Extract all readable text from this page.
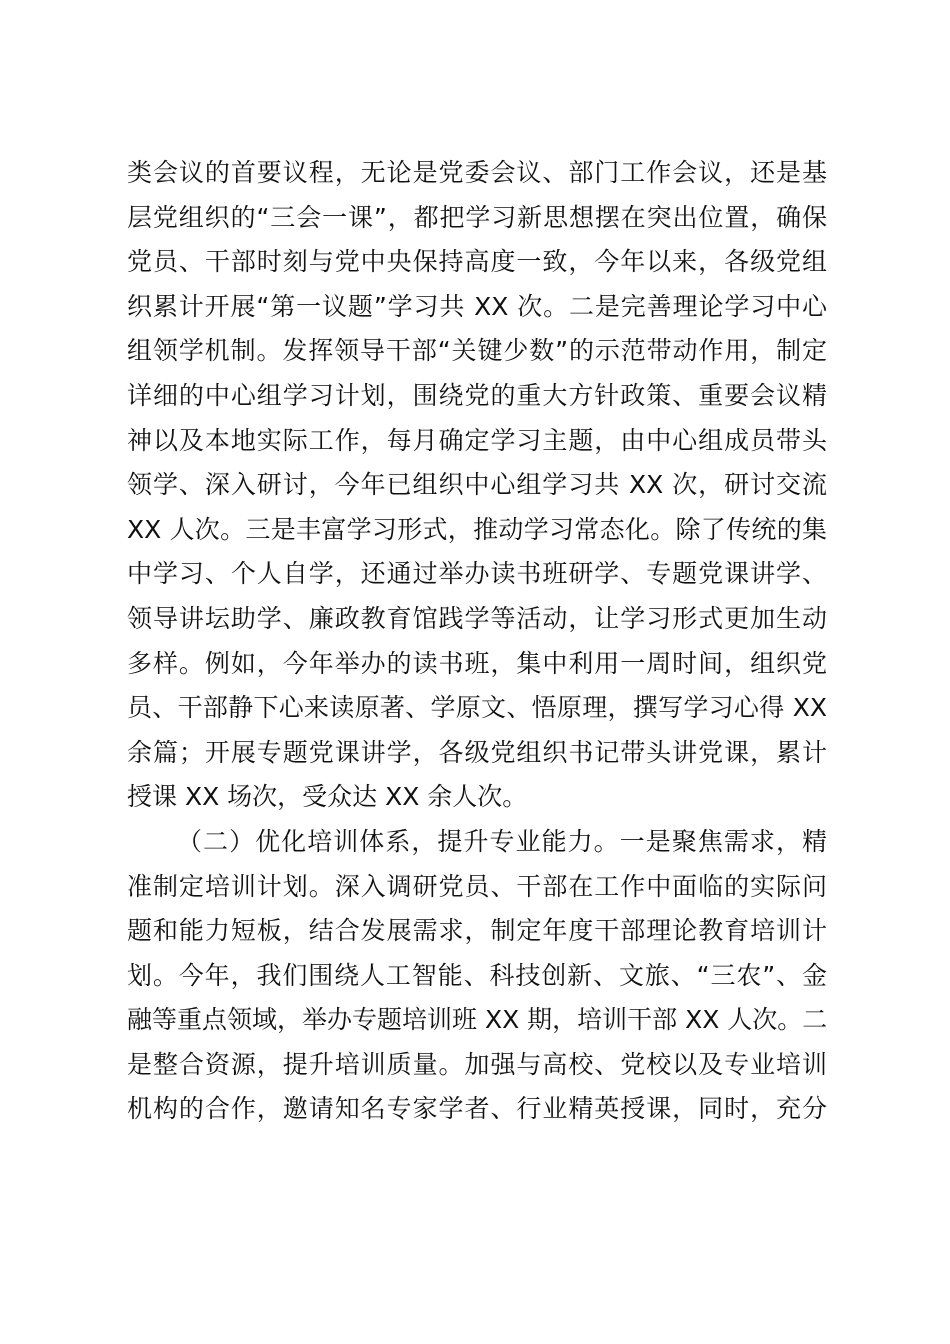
类会议的首要议程，无论是党委会议、部门工作会议，还是基
层党组织的“三会一课”，都把学习新思想摆在突出位置，确保
党员、干部时刻与党中央保持高度一致，今年以来，各级党组
织累计开展“第一议题”学习共 XX 次。二是完善理论学习中心
组领学机制。发挥领导干部“关键少数”的示范带动作用，制定
详细的中心组学习计划，围绕党的重大方针政策、重要会议精
神以及本地实际工作，每月确定学习主题，由中心组成员带头
领学、深入研讨，今年已组织中心组学习共 XX 次，研讨交流
XX 人次。三是丰富学习形式，推动学习常态化。除了传统的集
中学习、个人自学，还通过举办读书班研学、专题党课讲学、
领导讲坛助学、廉政教育馆践学等活动，让学习形式更加生动
多样。例如，今年举办的读书班，集中利用一周时间，组织党
员、干部静下心来读原著、学原文、悟原理，撰写学习心得 XX
余篇；开展专题党课讲学，各级党组织书记带头讲党课，累计
授课 XX 场次，受众达 XX 余人次。
（二）优化培训体系，提升专业能力。一是聚焦需求，精
准制定培训计划。深入调研党员、干部在工作中面临的实际问
题和能力短板，结合发展需求，制定年度干部理论教育培训计
划。今年，我们围绕人工智能、科技创新、文旅、“三农”、金
融等重点领域，举办专题培训班 XX 期，培训干部 XX 人次。二
是整合资源，提升培训质量。加强与高校、党校以及专业培训
机构的合作，邀请知名专家学者、行业精英授课，同时，充分
